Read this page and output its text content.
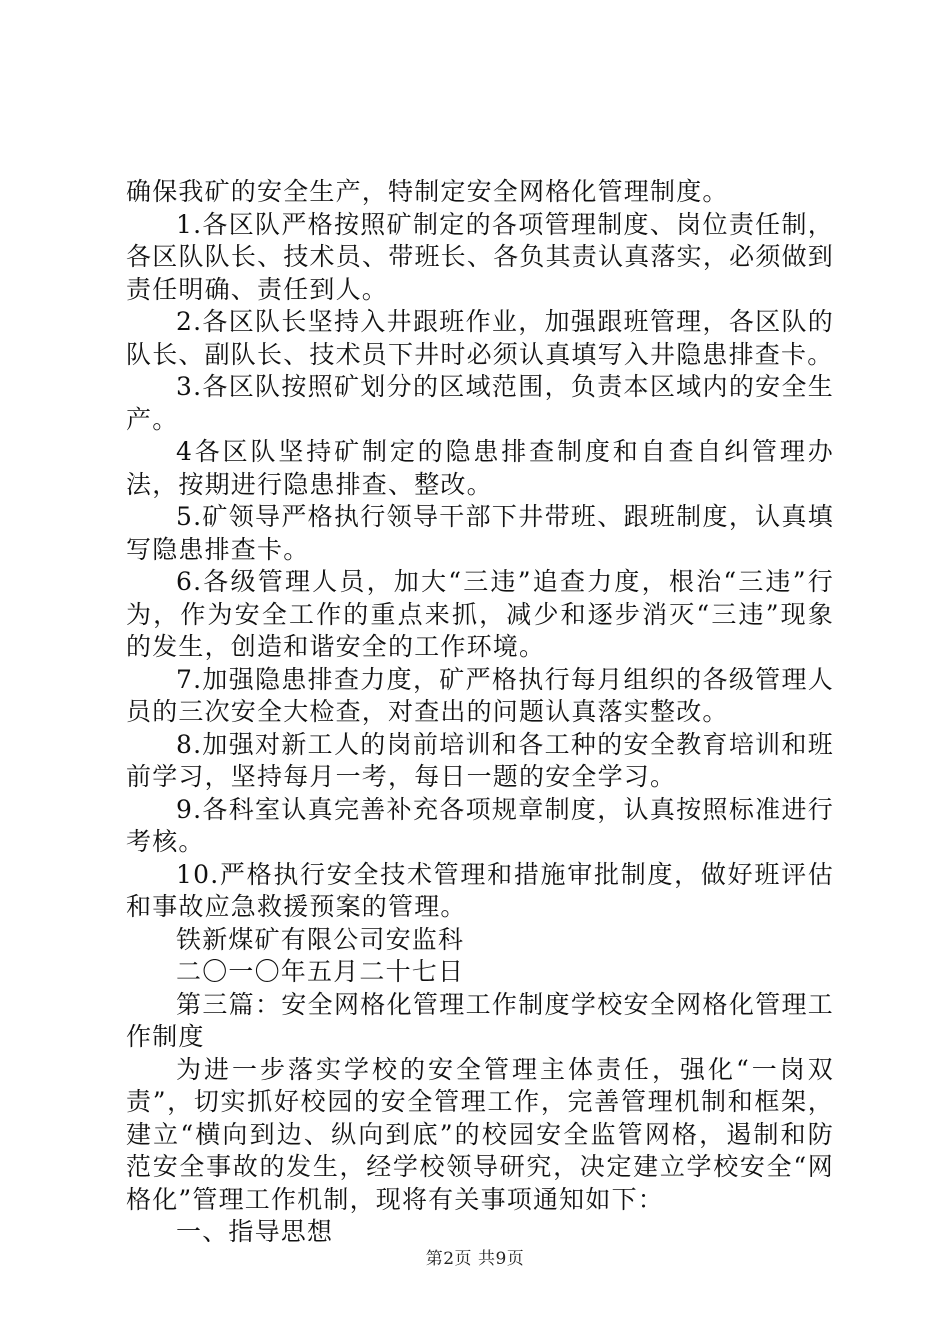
确保我矿的安全生产，特制定安全网格化管理制度。

1.各区队严格按照矿制定的各项管理制度、岗位责任制，各区队队长、技术员、带班长、各负其责认真落实，必须做到责任明确、责任到人。

2.各区队长坚持入井跟班作业，加强跟班管理，各区队的队长、副队长、技术员下井时必须认真填写入井隐患排查卡。

3.各区队按照矿划分的区域范围，负责本区域内的安全生产。

4各区队坚持矿制定的隐患排查制度和自查自纠管理办法，按期进行隐患排查、整改。

5.矿领导严格执行领导干部下井带班、跟班制度，认真填写隐患排查卡。

6.各级管理人员，加大“三违”追查力度，根治“三违”行为，作为安全工作的重点来抓，减少和逐步消灭“三违”现象的发生，创造和谐安全的工作环境。

7.加强隐患排查力度，矿严格执行每月组织的各级管理人员的三次安全大检查，对查出的问题认真落实整改。

8.加强对新工人的岗前培训和各工种的安全教育培训和班前学习，坚持每月一考，每日一题的安全学习。

9.各科室认真完善补充各项规章制度，认真按照标准进行考核。

10.严格执行安全技术管理和措施审批制度，做好班评估和事故应急救援预案的管理。

铁新煤矿有限公司安监科

二〇一〇年五月二十七日

第三篇：安全网格化管理工作制度学校安全网格化管理工作制度

为进一步落实学校的安全管理主体责任，强化“一岗双责”，切实抓好校园的安全管理工作，完善管理机制和框架，建立“横向到边、纵向到底”的校园安全监管网格，遏制和防范安全事故的发生，经学校领导研究，决定建立学校安全“网格化”管理工作机制，现将有关事项通知如下：

一、指导思想

第2页 共9页
